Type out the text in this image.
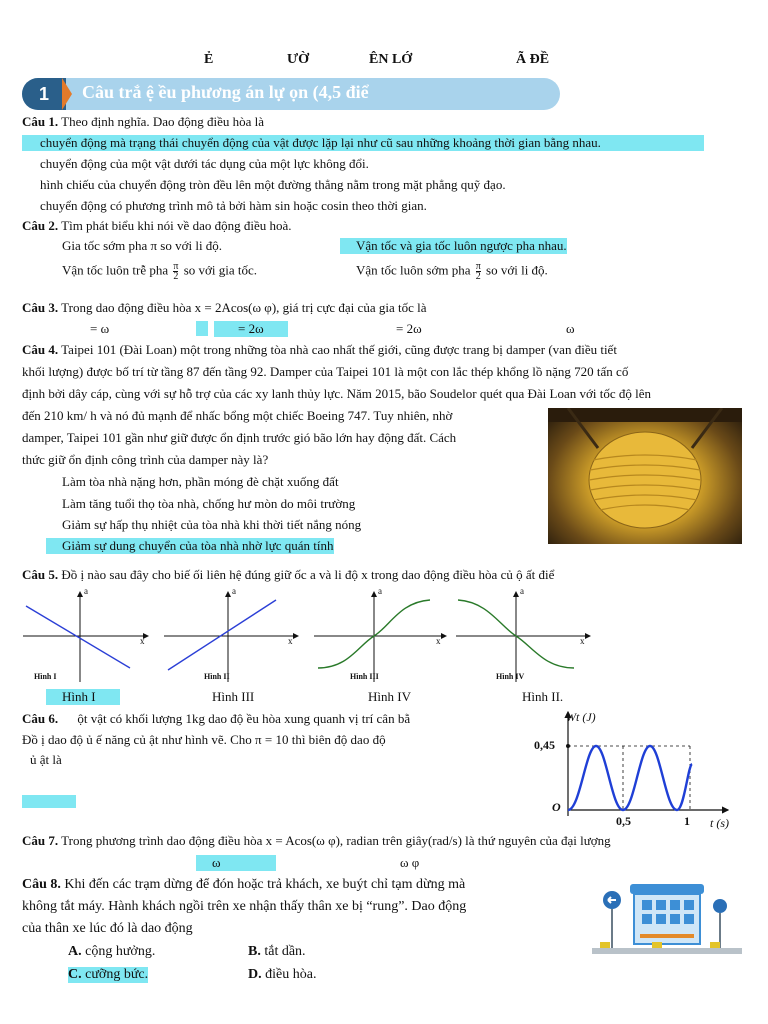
Ẻ	ƯỜ	ÊN LỚ	Ã ĐỀ
1	Câu trắ ệ ều phương án lự ọn (4,5 điể
Câu 1. Theo định nghĩa. Dao động điều hòa là
chuyển động mà trạng thái chuyển động của vật được lặp lại như cũ sau những khoảng thời gian bằng nhau.
chuyển động của một vật dưới tác dụng của một lực không đổi.
hình chiếu của chuyển động tròn đều lên một đường thẳng nằm trong mặt phẳng quỹ đạo.
chuyển động có phương trình mô tả bởi hàm sin hoặc cosin theo thời gian.
Câu 2. Tìm phát biểu khi nói về dao động điều hoà.
Gia tốc sớm pha π so với li độ.	Vận tốc và gia tốc luôn ngược pha nhau.
Vận tốc luôn trễ pha $\frac{\pi}{2}$ so với gia tốc.	Vận tốc luôn sớm pha $\frac{\pi}{2}$ so với li độ.
Câu 3. Trong dao động điều hòa x = 2Acos(ω φ), giá trị cực đại của gia tốc là
= ω	= 2ω	= 2ω	ω
Câu 4. Taipei 101 (Đài Loan) một trong những tòa nhà cao nhất thế giới, cũng được trang bị damper (van điều tiết
khối lượng) được bố trí từ tầng 87 đến tầng 92. Damper của Taipei 101 là một con lắc thép khổng lồ nặng 720 tấn cố
định bởi dây cáp, cùng với sự hỗ trợ của các xy lanh thủy lực. Năm 2015, bão Soudelor quét qua Đài Loan với tốc độ lên
đến 210 km/ h và nó đủ mạnh để nhấc bổng một chiếc Boeing 747. Tuy nhiên, nhờ
damper, Taipei 101 gần như giữ được ổn định trước gió bão lớn hay động đất. Cách
thức giữ ổn định công trình của damper này là?
Làm tòa nhà nặng hơn, phần móng đè chặt xuống đất
Làm tăng tuổi thọ tòa nhà, chống hư mòn do môi trường
Giảm sự hấp thụ nhiệt của tòa nhà khi thời tiết nắng nóng
Giảm sự dung chuyển của tòa nhà nhờ lực quán tính
Câu 5. Đồ ị nào sau đây cho biế ối liên hệ đúng giữ ốc a và li độ x trong dao động điều hòa củ ộ ất điể
a	a	a	a
x	x	x	x
Hình I	Hình II	Hình III	Hình IV
Hình I	Hình III	Hình IV	Hình II.
Câu 6. ột vật có khối lượng 1kg dao độ ều hòa xung quanh vị trí cân bằ
Đồ ị dao độ ủ ế năng củ ật như hình vẽ. Cho π = 10 thì biên độ dao độ
ủ ật là
Wt (J)
0,45
O
0,5	1 t (s)
Câu 7. Trong phương trình dao động điều hòa x = Acos(ω φ), radian trên giây(rad/s) là thứ nguyên của đại lượng
ω	ω φ
Câu 8. Khi đến các trạm dừng để đón hoặc trả khách, xe buýt chỉ tạm dừng mà
không tắt máy. Hành khách ngồi trên xe nhận thấy thân xe bị “rung”. Dao động
của thân xe lúc đó là dao động
A. cộng hưởng.	B. tắt dần.
C. cưỡng bức.	D. điều hòa.
